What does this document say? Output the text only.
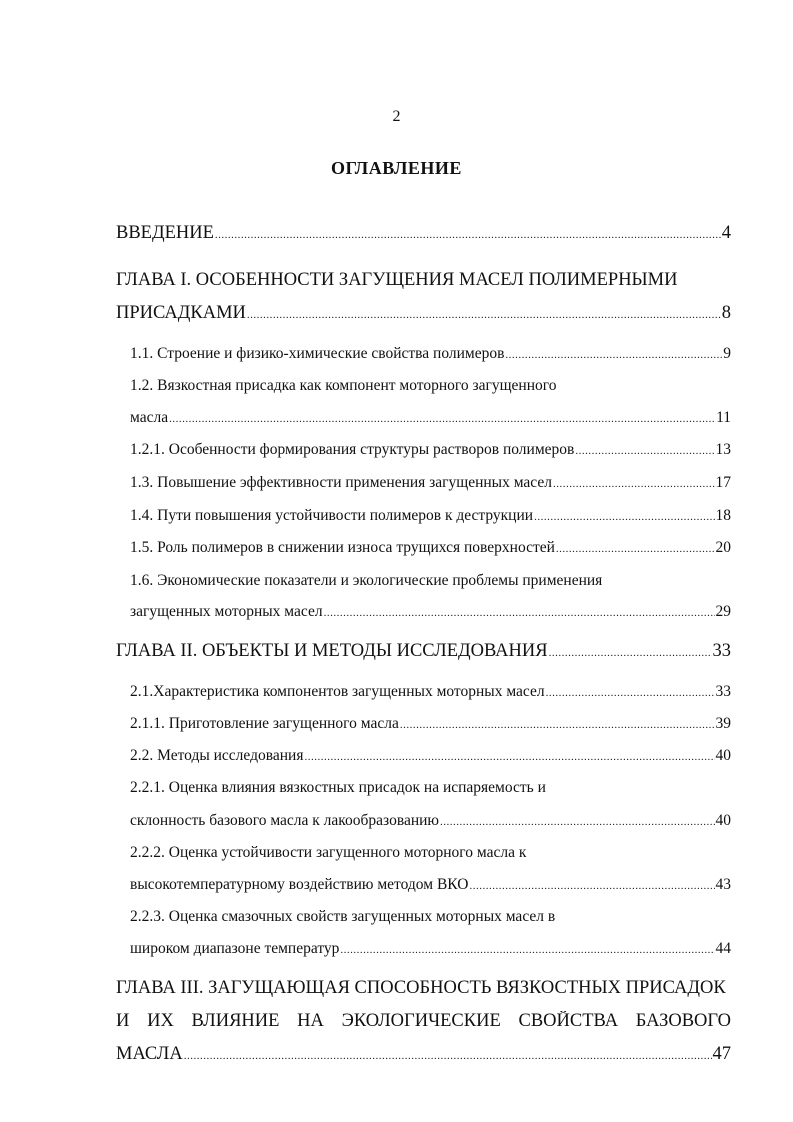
2
ОГЛАВЛЕНИЕ
ВВЕДЕНИЕ .....	4
ГЛАВА I. ОСОБЕННОСТИ ЗАГУЩЕНИЯ МАСЕЛ ПОЛИМЕРНЫМИ
ПРИСАДКАМИ .....	8
1.1. Строение и физико-химические свойства полимеров .....	9
1.2. Вязкостная присадка как компонент моторного загущенного
масла .....	11
1.2.1. Особенности формирования структуры растворов полимеров .....	13
1.3. Повышение эффективности применения загущенных масел .....	17
1.4. Пути повышения устойчивости полимеров к деструкции .....	18
1.5. Роль полимеров в снижении износа трущихся поверхностей .....	20
1.6. Экономические показатели и экологические проблемы применения
загущенных моторных масел .....	29
ГЛАВА II. ОБЪЕКТЫ И МЕТОДЫ ИССЛЕДОВАНИЯ .....	33
2.1.Характеристика компонентов загущенных моторных масел .....	33
2.1.1. Приготовление загущенного масла .....	39
2.2. Методы исследования .....	40
2.2.1. Оценка влияния вязкостных присадок на испаряемость и
склонность базового масла к лакообразованию .....	40
2.2.2. Оценка устойчивости загущенного моторного масла к
высокотемпературному воздействию методом ВКО .....	43
2.2.3. Оценка смазочных свойств загущенных моторных масел в
широком диапазоне температур .....	44
ГЛАВА III. ЗАГУЩАЮЩАЯ СПОСОБНОСТЬ ВЯЗКОСТНЫХ ПРИСАДОК
И ИХ ВЛИЯНИЕ НА ЭКОЛОГИЧЕСКИЕ СВОЙСТВА БАЗОВОГО
МАСЛА .....	47
